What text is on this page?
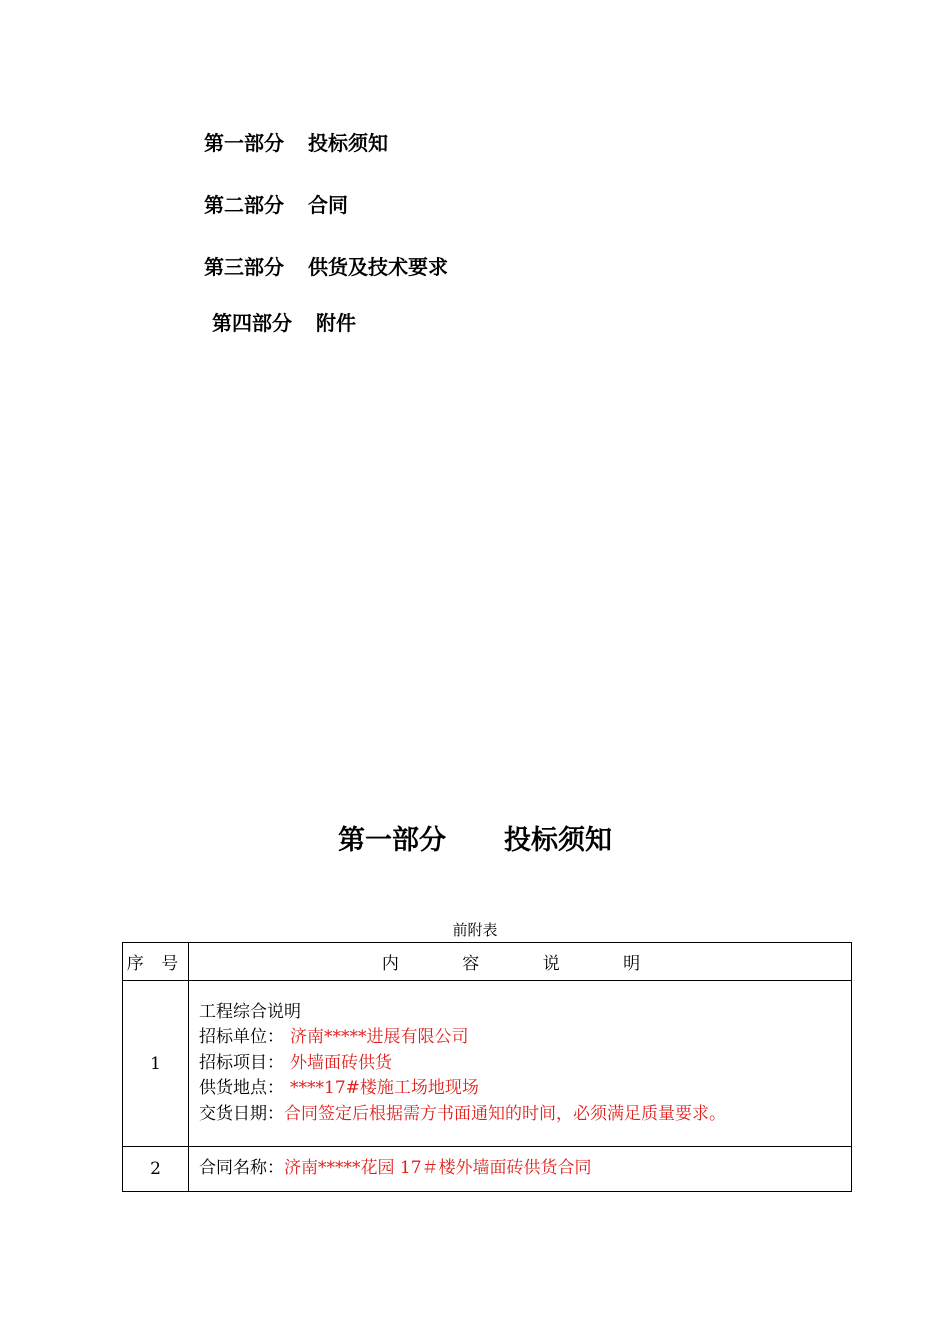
第一部分 投标须知
第二部分 合同
第三部分 供货及技术要求
第四部分 附件
第一部分 投标须知
前附表
序 号	内 容 说 明
1	工程综合说明
招标单位： 济南*****进展有限公司
招标项目： 外墙面砖供货
供货地点： ****17#楼施工场地现场
交货日期：合同签定后根据需方书面通知的时间，必须满足质量要求。

2	合同名称：济南*****花园 17＃楼外墙面砖供货合同
